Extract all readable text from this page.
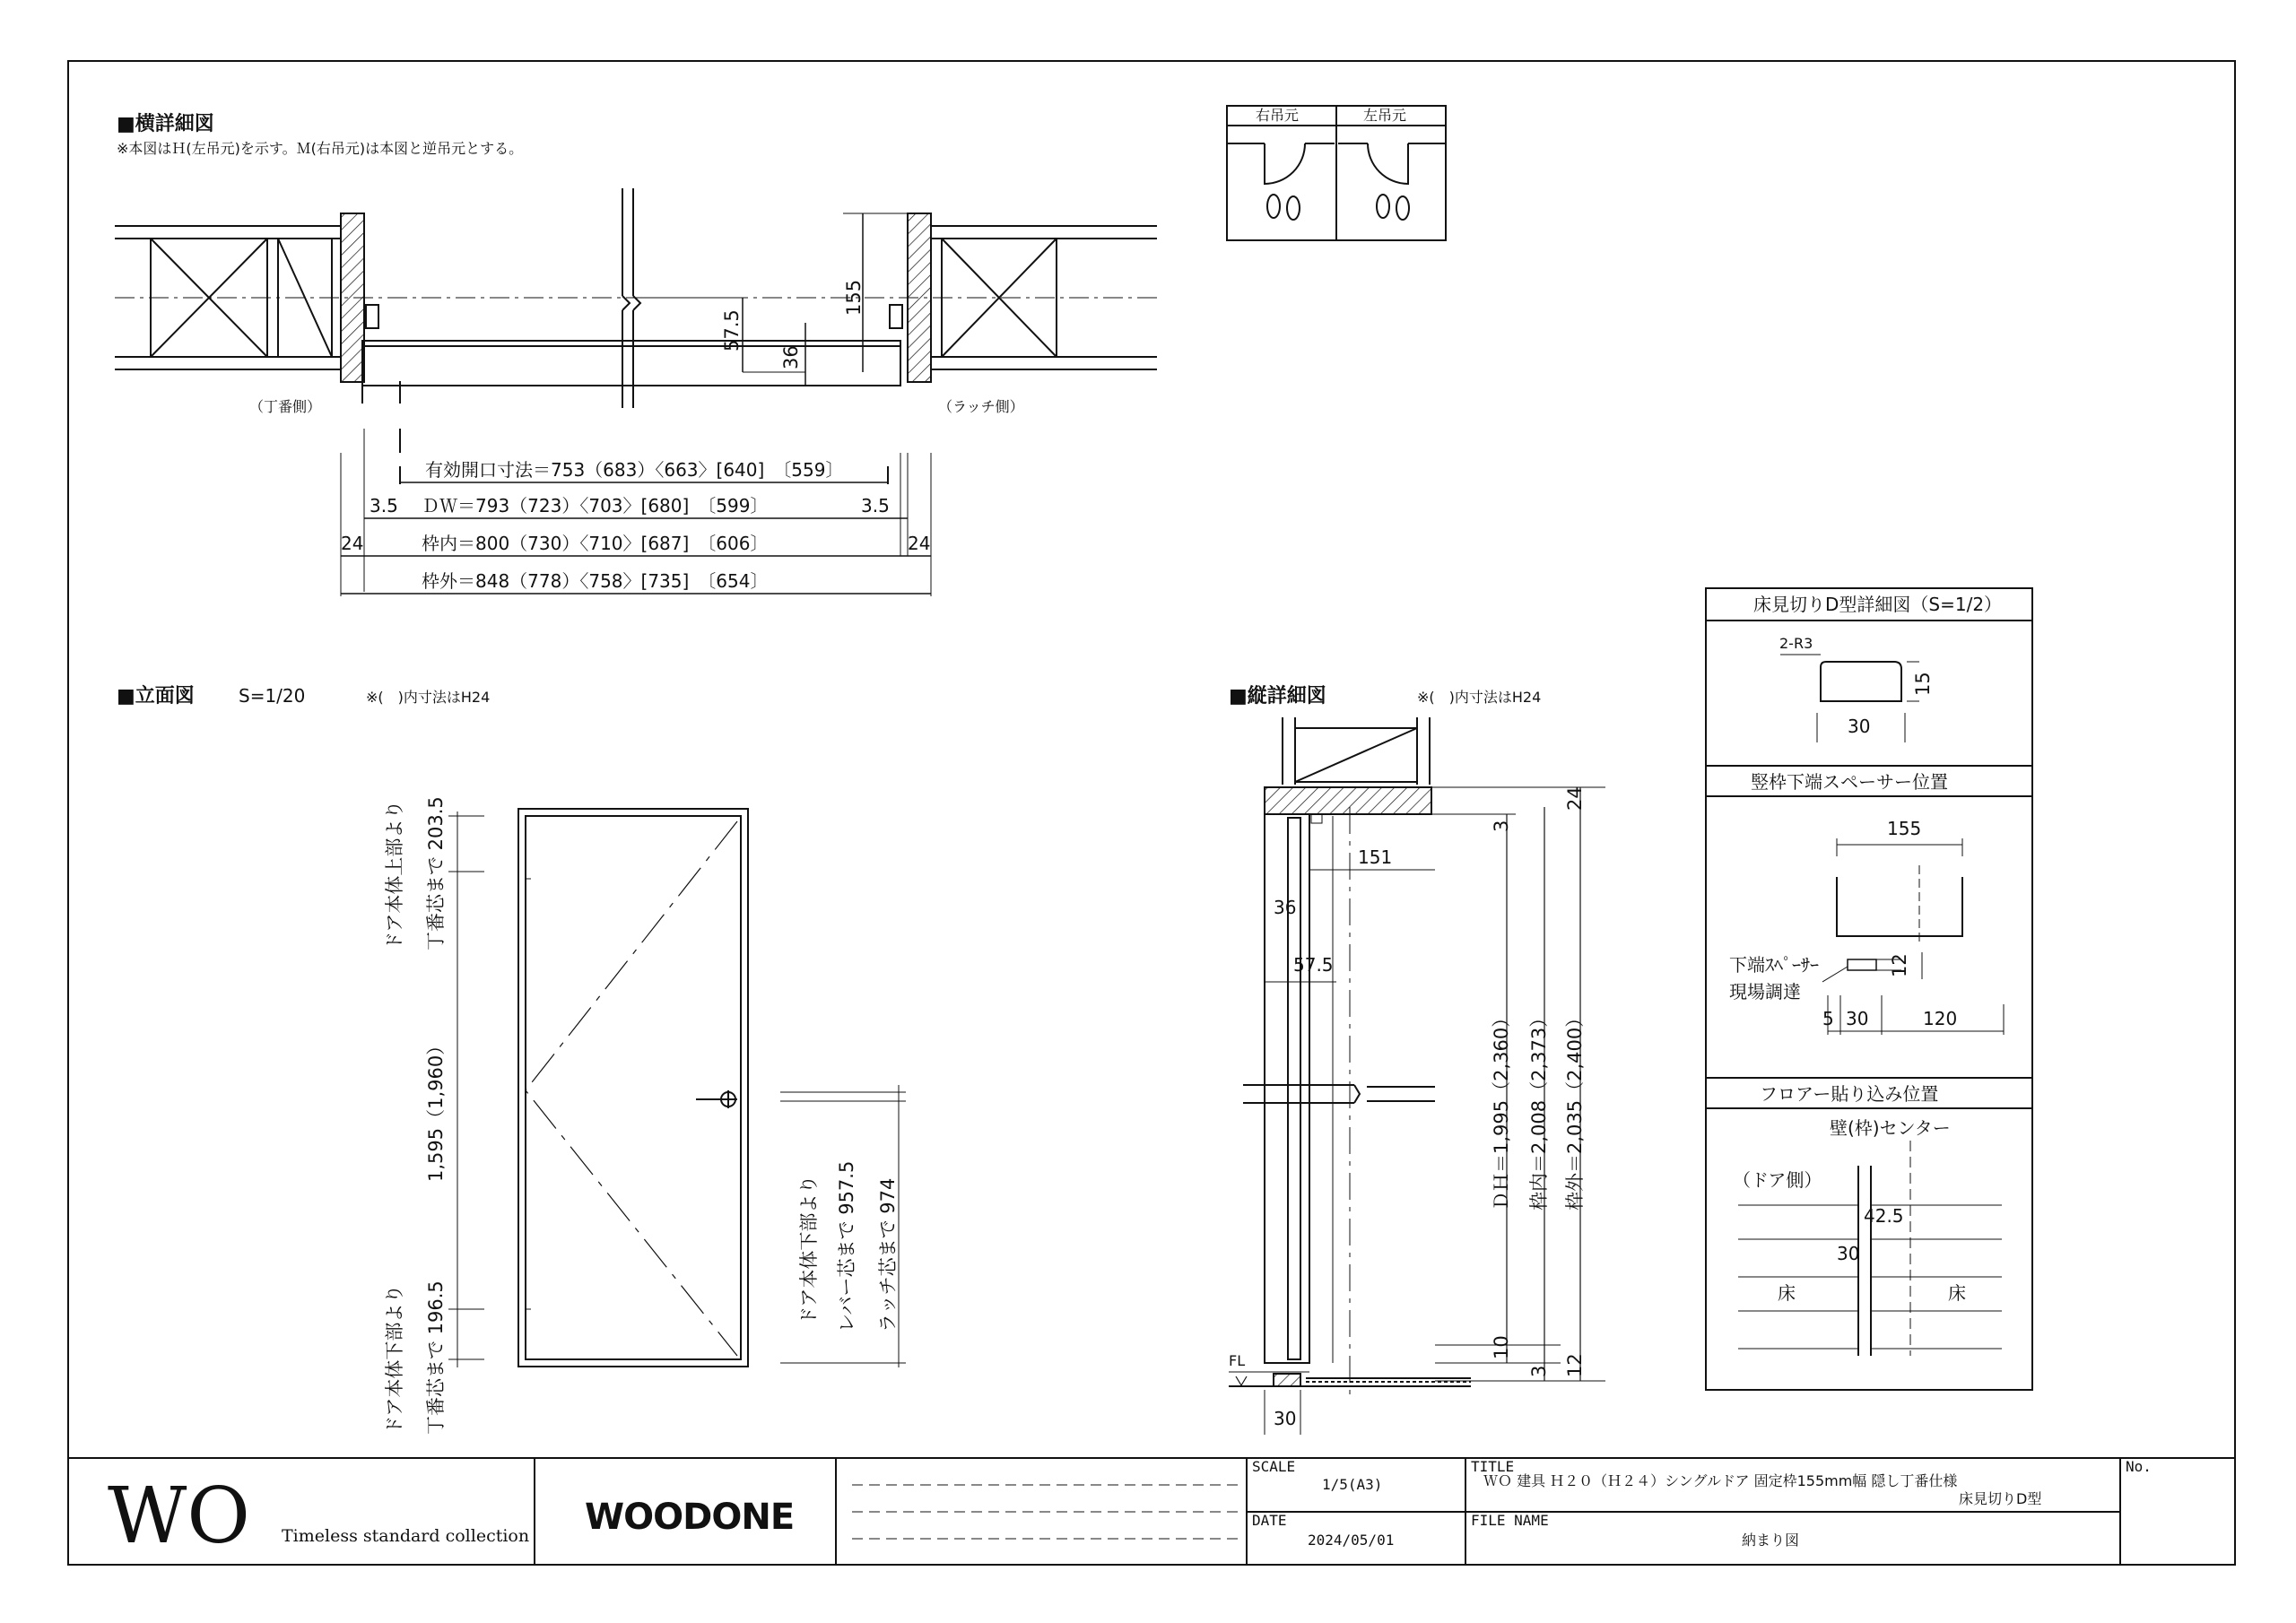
■横詳細図
※本図はＨ(左吊元)を示す。Ｍ(右吊元)は本図と逆吊元とする。
（丁番側）	（ラッチ側）
155
57.5
36
有効開口寸法＝753（683）〈663〉[640]　〔559〕
3.5 ＤＷ＝793（723）〈703〉[680]　〔599〕	3.5
24	枠内＝800（730）〈710〉[687]　〔606〕	24
枠外＝848（778）〈758〉[735]　〔654〕
右吊元	左吊元
■立面図 S=1/20	※(　)内寸法はH24
ドア本体上部より 丁番芯まで 203.5
1,595（1,960）
ドア本体下部より 丁番芯まで 196.5
ドア本体下部より レバー芯まで 957.5 ラッチ芯まで 974
■縦詳細図	※(　)内寸法はH24
151
36
57.5
30
FL
3
24
10
3 12
ＤＨ＝1,995（2,360） 枠内＝2,008（2,373） 枠外＝2,035（2,400）
床見切りD型詳細図（S=1/2）
2-R3
15
30
竪枠下端スペーサー位置
155
下端ｽﾍﾟｰｻｰ	12
現場調達
5 30	120
フロアー貼り込み位置
壁(枠)センター
（ドア側）
42.5
30
床	床
WO Timeless standard collection WOODONE
SCALE
1/5(A3)
DATE
2024/05/01
TITLE
ＷＯ 建具 Ｈ２０（Ｈ２４）シングルドア 固定枠155mm幅 隠し丁番仕様
床見切りD型
FILE NAME
納まり図
No.
